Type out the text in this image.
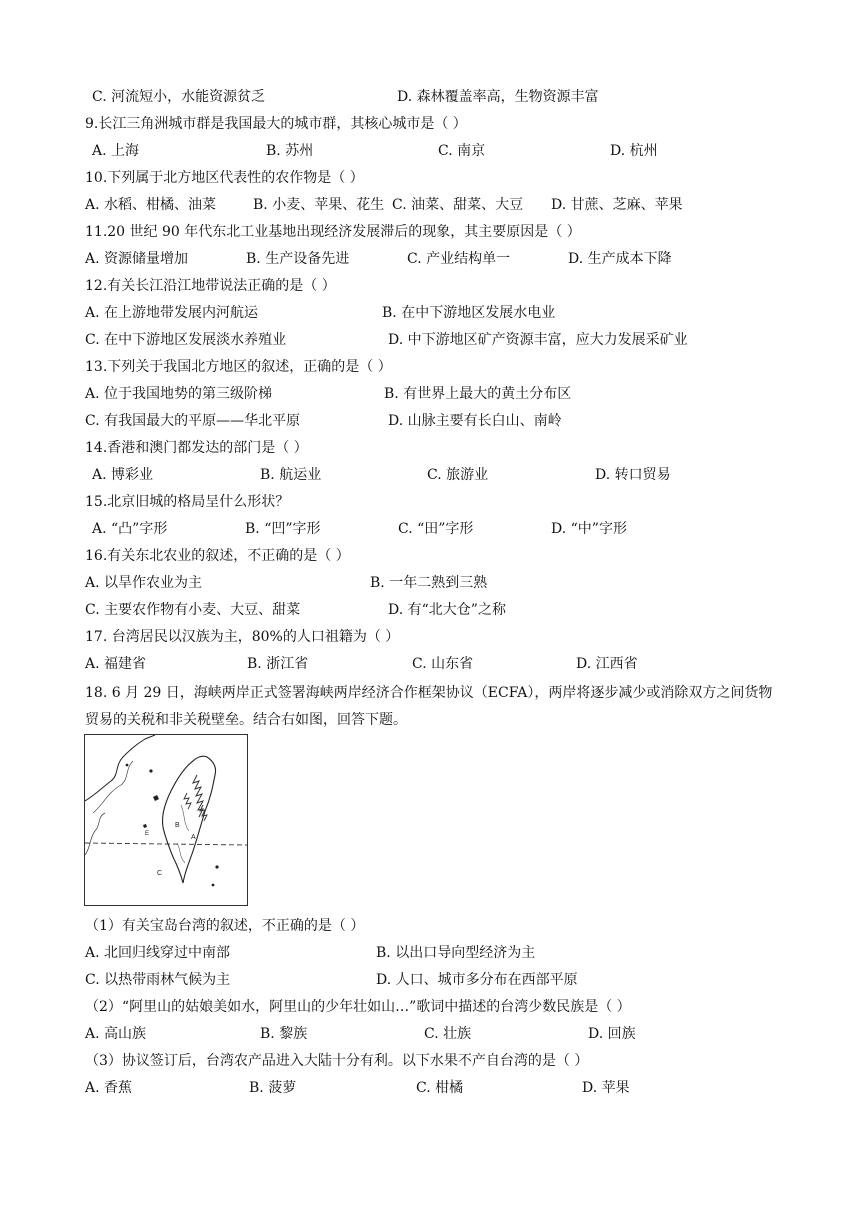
C. 河流短小，水能资源贫乏	D. 森林覆盖率高，生物资源丰富
9.长江三角洲城市群是我国最大的城市群，其核心城市是（ ）
A. 上海	B. 苏州	C. 南京	D. 杭州
10.下列属于北方地区代表性的农作物是（ ）
A. 水稻、柑橘、油菜	B. 小麦、苹果、花生 C. 油菜、甜菜、大豆 D. 甘蔗、芝麻、苹果
11.20 世纪 90 年代东北工业基地出现经济发展滞后的现象，其主要原因是（ ）
A. 资源储量增加	B. 生产设备先进	C. 产业结构单一	D. 生产成本下降
12.有关长江沿江地带说法正确的是（ ）
A. 在上游地带发展内河航运	B. 在中下游地区发展水电业
C. 在中下游地区发展淡水养殖业	D. 中下游地区矿产资源丰富，应大力发展采矿业
13.下列关于我国北方地区的叙述，正确的是（ ）
A. 位于我国地势的第三级阶梯	B. 有世界上最大的黄土分布区
C. 有我国最大的平原——华北平原	D. 山脉主要有长白山、南岭
14.香港和澳门都发达的部门是（ ）
A. 博彩业	B. 航运业	C. 旅游业	D. 转口贸易
15.北京旧城的格局呈什么形状？
A. “凸”字形	B. “凹”字形	C. “田”字形	D. “中”字形
16.有关东北农业的叙述，不正确的是（ ）
A. 以旱作农业为主	B. 一年二熟到三熟
C. 主要农作物有小麦、大豆、甜菜	D. 有“北大仓”之称
17. 台湾居民以汉族为主，80%的人口祖籍为（ ）
A. 福建省	B. 浙江省	C. 山东省	D. 江西省
（1）有关宝岛台湾的叙述，不正确的是（ ）
A. 北回归线穿过中南部	B. 以出口导向型经济为主
C. 以热带雨林气候为主	D. 人口、城市多分布在西部平原
（2）“阿里山的姑娘美如水，阿里山的少年壮如山…”歌词中描述的台湾少数民族是（ ）
A. 高山族	B. 黎族	C. 壮族	D. 回族
（3）协议签订后，台湾农产品进入大陆十分有利。以下水果不产自台湾的是（ ）
A. 香蕉	B. 菠萝	C. 柑橘	D. 苹果
18. 6 月 29 日，海峡两岸正式签署海峡两岸经济合作框架协议（ECFA），两岸将逐步减少或消除双方之间货物贸易的关税和非关税壁垒。结合右如图，回答下题。
B
A
C
E
